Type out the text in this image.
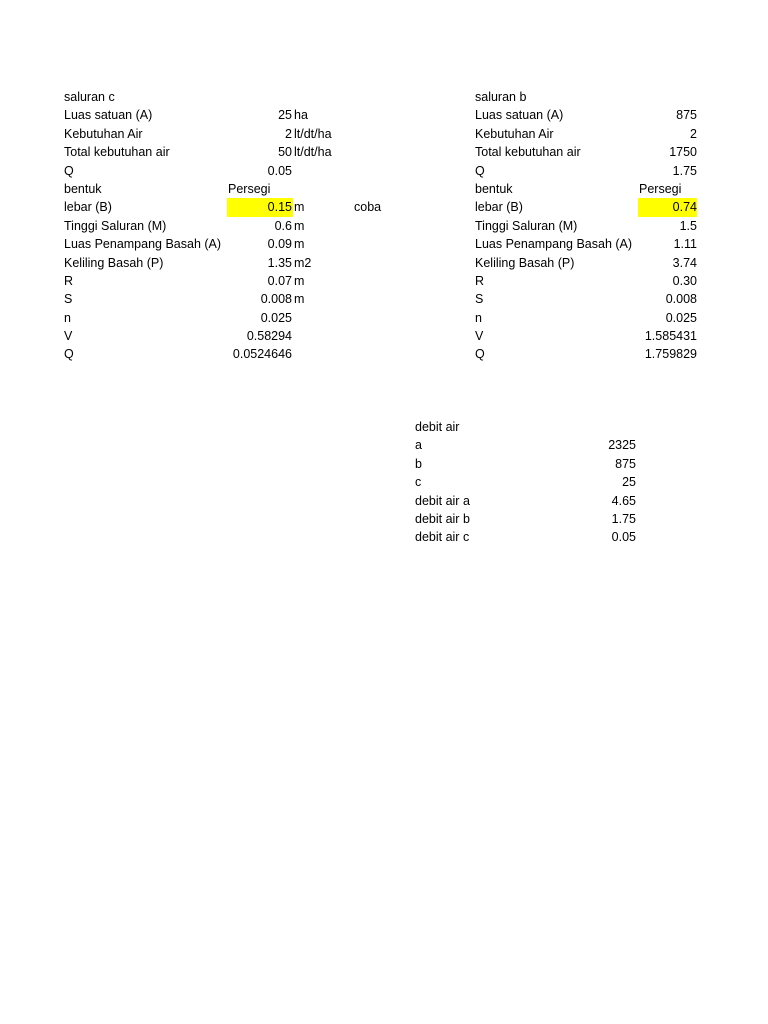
saluran c
Luas satuan (A)	25 ha
Kebutuhan Air	2 lt/dt/ha
Total kebutuhan air	50 lt/dt/ha
Q	0.05
bentuk	Persegi
lebar (B)	0.15 m	coba
Tinggi Saluran (M)	0.6 m
Luas Penampang Basah (A)	0.09 m
Keliling Basah (P)	1.35 m2
R	0.07 m
S	0.008 m
n	0.025
V	0.58294
Q	0.0524646
saluran b
Luas satuan (A)	875
Kebutuhan Air	2
Total kebutuhan air	1750
Q	1.75
bentuk	Persegi
lebar (B)	0.74
Tinggi Saluran (M)	1.5
Luas Penampang Basah (A)	1.11
Keliling Basah (P)	3.74
R	0.30
S	0.008
n	0.025
V	1.585431
Q	1.759829
debit air
a	2325
b	875
c	25
debit air a	4.65
debit air b	1.75
debit air c	0.05
